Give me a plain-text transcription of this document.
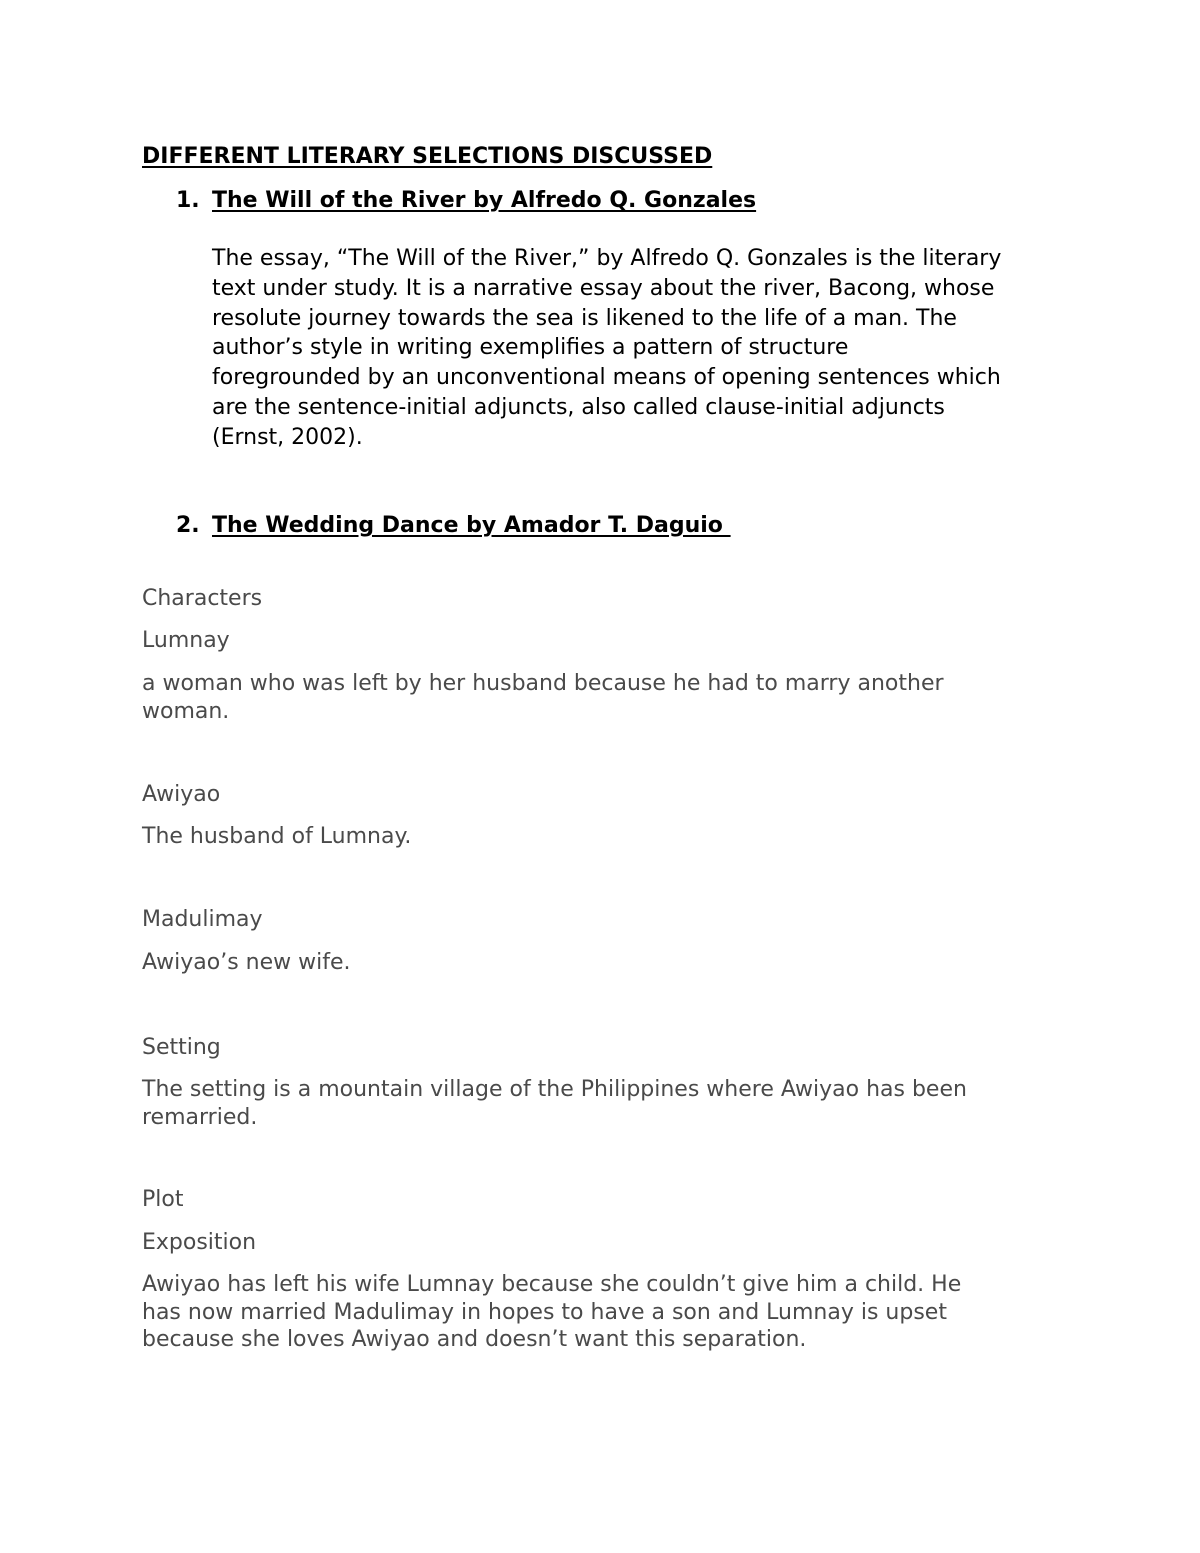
DIFFERENT LITERARY SELECTIONS DISCUSSED
1. The Will of the River by Alfredo Q. Gonzales
The essay, “The Will of the River,” by Alfredo Q. Gonzales is the literary
text under study. It is a narrative essay about the river, Bacong, whose
resolute journey towards the sea is likened to the life of a man. The
author’s style in writing exemplifies a pattern of structure
foregrounded by an unconventional means of opening sentences which
are the sentence-initial adjuncts, also called clause-initial adjuncts
(Ernst, 2002).
2. The Wedding Dance by Amador T. Daguio
Characters
Lumnay
a woman who was left by her husband because he had to marry another
woman.
Awiyao
The husband of Lumnay.
Madulimay
Awiyao’s new wife.
Setting
The setting is a mountain village of the Philippines where Awiyao has been
remarried.
Plot
Exposition
Awiyao has left his wife Lumnay because she couldn’t give him a child. He
has now married Madulimay in hopes to have a son and Lumnay is upset
because she loves Awiyao and doesn’t want this separation.
